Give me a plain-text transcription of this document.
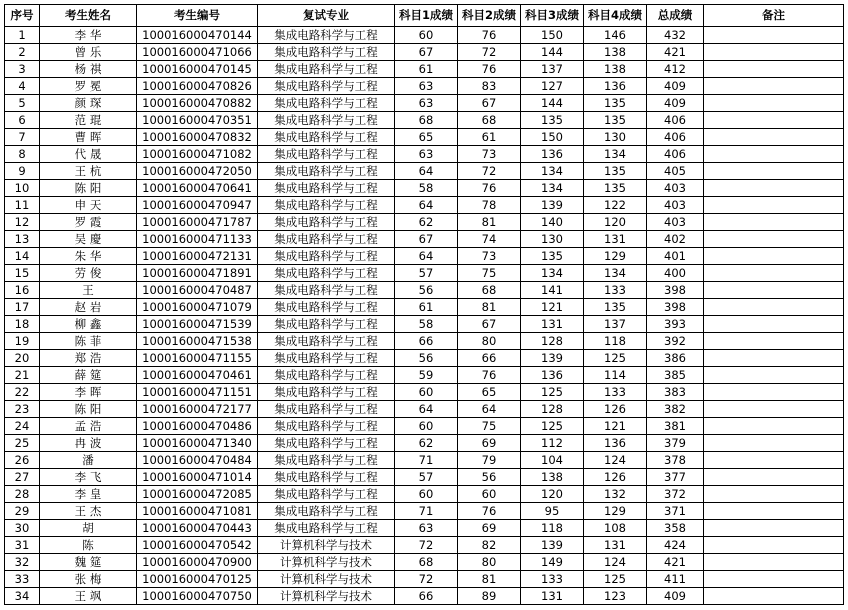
序号	考生姓名	考生编号	复试专业	科目1成绩	科目2成绩	科目3成绩	科目4成绩	总成绩	备注
1	李 华	100016000470144	集成电路科学与工程	60	76	150	146	432	
2	曾 乐	100016000471066	集成电路科学与工程	67	72	144	138	421	
3	杨 祺	100016000470145	集成电路科学与工程	61	76	137	138	412	
4	罗 冕	100016000470826	集成电路科学与工程	63	83	127	136	409	
5	颜 琛	100016000470882	集成电路科学与工程	63	67	144	135	409	
6	范 琨	100016000470351	集成电路科学与工程	68	68	135	135	406	
7	曹 晖	100016000470832	集成电路科学与工程	65	61	150	130	406	
8	代 晟	100016000471082	集成电路科学与工程	63	73	136	134	406	
9	王 杭	100016000472050	集成电路科学与工程	64	72	134	135	405	
10	陈 阳	100016000470641	集成电路科学与工程	58	76	134	135	403	
11	申 天	100016000470947	集成电路科学与工程	64	78	139	122	403	
12	罗 霞	100016000471787	集成电路科学与工程	62	81	140	120	403	
13	吴 慶	100016000471133	集成电路科学与工程	67	74	130	131	402	
14	朱 华	100016000472131	集成电路科学与工程	64	73	135	129	401	
15	劳 俊	100016000471891	集成电路科学与工程	57	75	134	134	400	
16	王	100016000470487	集成电路科学与工程	56	68	141	133	398	
17	赵 岩	100016000471079	集成电路科学与工程	61	81	121	135	398	
18	柳 鑫	100016000471539	集成电路科学与工程	58	67	131	137	393	
19	陈 菲	100016000471538	集成电路科学与工程	66	80	128	118	392	
20	郑 浩	100016000471155	集成电路科学与工程	56	66	139	125	386	
21	薛 筵	100016000470461	集成电路科学与工程	59	76	136	114	385	
22	李 晖	100016000471151	集成电路科学与工程	60	65	125	133	383	
23	陈 阳	100016000472177	集成电路科学与工程	64	64	128	126	382	
24	孟 浩	100016000470486	集成电路科学与工程	60	75	125	121	381	
25	冉 波	100016000471340	集成电路科学与工程	62	69	112	136	379	
26	潘	100016000470484	集成电路科学与工程	71	79	104	124	378	
27	李 飞	100016000471014	集成电路科学与工程	57	56	138	126	377	
28	李 皇	100016000472085	集成电路科学与工程	60	60	120	132	372	
29	王 杰	100016000471081	集成电路科学与工程	71	76	95	129	371	
30	胡	100016000470443	集成电路科学与工程	63	69	118	108	358	
31	陈	100016000470542	计算机科学与技术	72	82	139	131	424	
32	魏 筵	100016000470900	计算机科学与技术	68	80	149	124	421	
33	张 梅	100016000470125	计算机科学与技术	72	81	133	125	411	
34	王 飒	100016000470750	计算机科学与技术	66	89	131	123	409	
